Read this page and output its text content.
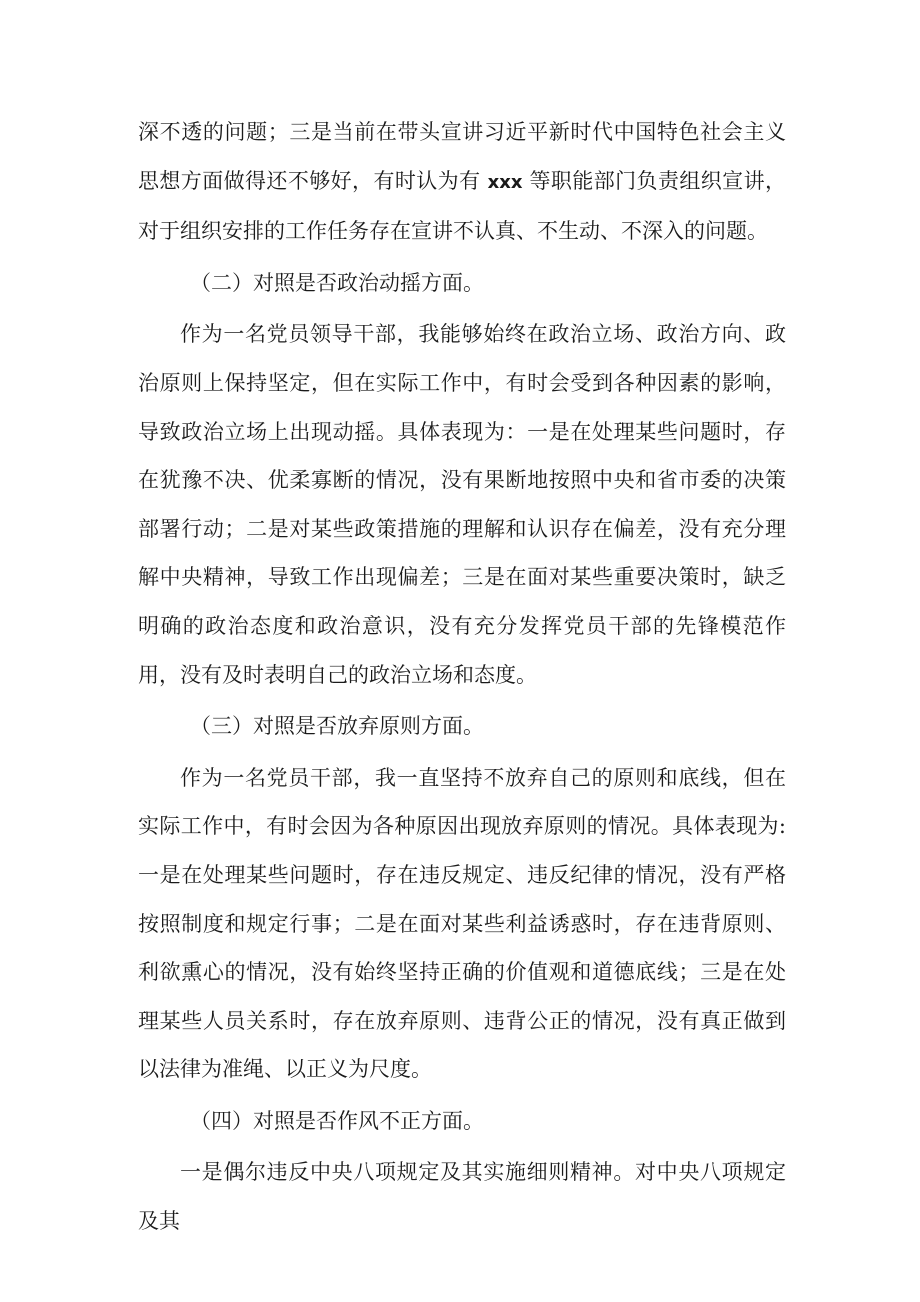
深不透的问题；三是当前在带头宣讲习近平新时代中国特色社会主义思想方面做得还不够好，有时认为有 xxx 等职能部门负责组织宣讲，对于组织安排的工作任务存在宣讲不认真、不生动、不深入的问题。

（二）对照是否政治动摇方面。

作为一名党员领导干部，我能够始终在政治立场、政治方向、政治原则上保持坚定，但在实际工作中，有时会受到各种因素的影响，导致政治立场上出现动摇。具体表现为：一是在处理某些问题时，存在犹豫不决、优柔寡断的情况，没有果断地按照中央和省市委的决策部署行动；二是对某些政策措施的理解和认识存在偏差，没有充分理解中央精神，导致工作出现偏差；三是在面对某些重要决策时，缺乏明确的政治态度和政治意识，没有充分发挥党员干部的先锋模范作用，没有及时表明自己的政治立场和态度。

（三）对照是否放弃原则方面。

作为一名党员干部，我一直坚持不放弃自己的原则和底线，但在实际工作中，有时会因为各种原因出现放弃原则的情况。具体表现为:一是在处理某些问题时，存在违反规定、违反纪律的情况，没有严格按照制度和规定行事；二是在面对某些利益诱惑时，存在违背原则、利欲熏心的情况，没有始终坚持正确的价值观和道德底线；三是在处理某些人员关系时，存在放弃原则、违背公正的情况，没有真正做到以法律为准绳、以正义为尺度。

（四）对照是否作风不正方面。

一是偶尔违反中央八项规定及其实施细则精神。对中央八项规定及其
